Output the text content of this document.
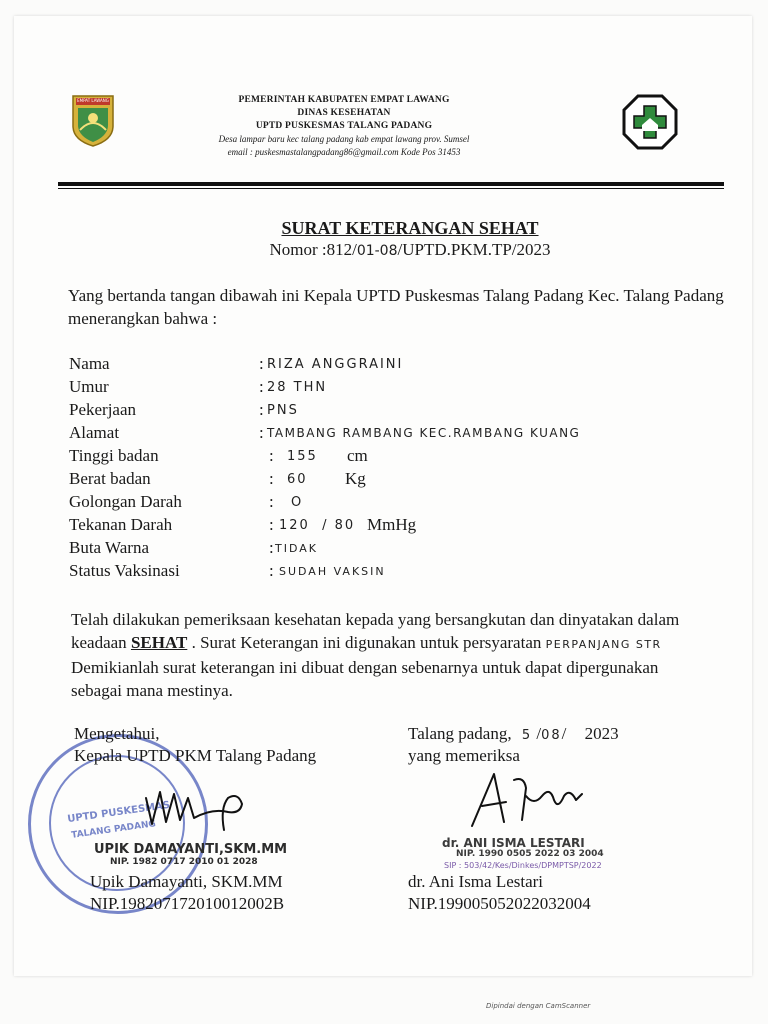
EMPAT LAWANG	PEMERINTAH KABUPATEN EMPAT LAWANG
DINAS KESEHATAN
UPTD PUSKESMAS TALANG PADANG
Desa lampar baru kec talang padang kab empat lawang prov. Sumsel
email : puskesmastalangpadang86@gmail.com Kode Pos 31453
SURAT KETERANGAN SEHAT
Nomor :812/01-08/UPTD.PKM.TP/2023
Yang bertanda tangan dibawah ini Kepala UPTD Puskesmas Talang Padang Kec. Talang Padang menerangkan bahwa :
Nama	: RIZA ANGGRAINI
Umur	: 28 THN
Pekerjaan	: PNS
Alamat	: TAMBANG RAMBANG KEC.RAMBANG KUANG
Tinggi badan	: 155	cm
Berat badan	: 60	Kg
Golongan Darah	: O
Tekanan Darah	: 120  / 80 MmHg
Buta Warna	: TIDAK
Status Vaksinasi	: SUDAH VAKSIN
Telah dilakukan pemeriksaan kesehatan kepada yang bersangkutan dan dinyatakan dalam
keadaan SEHAT . Surat Keterangan ini digunakan untuk persyaratan PERPANJANG STR
Demikianlah surat keterangan ini dibuat dengan sebenarnya untuk dapat dipergunakan
sebagai mana mestinya.
UPTD PUSKESMAS
TALANG PADANG
Mengetahui,
Kepala UPTD PKM Talang Padang
UPIK DAMAYANTI,SKM.MM
NIP. 1982 0717 2010 01 2028
Upik Damayanti, SKM.MM
NIP.198207172010012002B
Talang padang, 5 /08/ 2023
yang memeriksa
dr. ANI ISMA LESTARI
NIP. 1990 0505 2022 03 2004
SIP : 503/42/Kes/Dinkes/DPMPTSP/2022
dr. Ani Isma Lestari
NIP.199005052022032004
Dipindai dengan CamScanner
